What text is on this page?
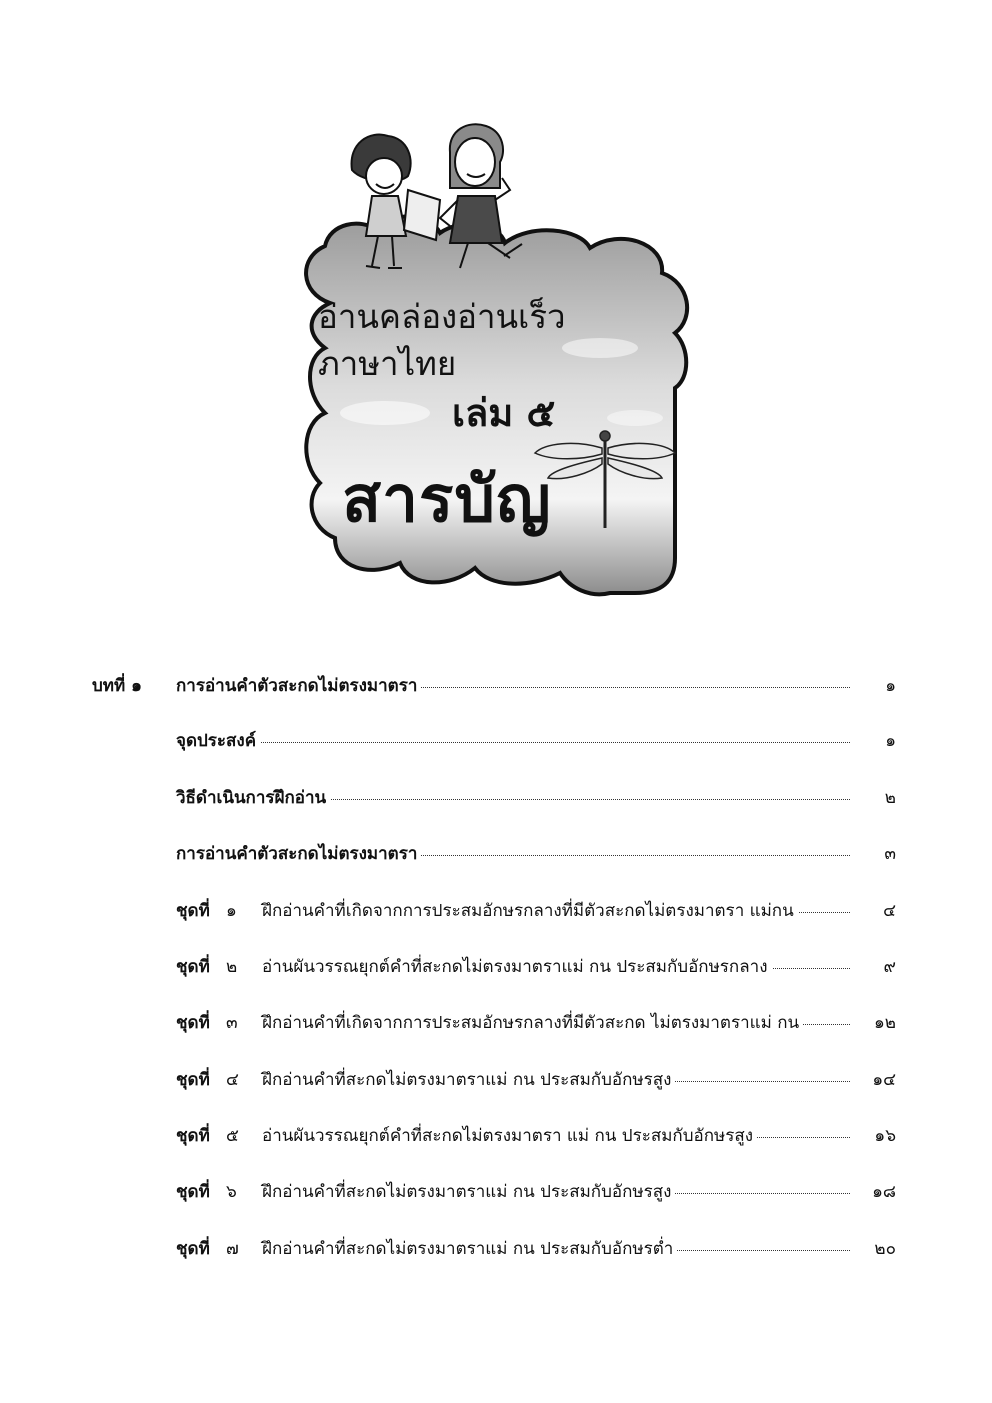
อ่านคล่องอ่านเร็ว
ภาษาไทย
เล่ม ๕
สารบัญ
บทที่ ๑ การอ่านคำตัวสะกดไม่ตรงมาตรา	๑
จุดประสงค์	๑
วิธีดำเนินการฝึกอ่าน	๒
การอ่านคำตัวสะกดไม่ตรงมาตรา	๓
ชุดที่ ๑ ฝึกอ่านคำที่เกิดจากการประสมอักษรกลางที่มีตัวสะกดไม่ตรงมาตรา แม่กน	๔
ชุดที่ ๒ อ่านผันวรรณยุกต์คำที่สะกดไม่ตรงมาตราแม่ กน ประสมกับอักษรกลาง	๙
ชุดที่ ๓ ฝึกอ่านคำที่เกิดจากการประสมอักษรกลางที่มีตัวสะกด ไม่ตรงมาตราแม่ กน	๑๒
ชุดที่ ๔ ฝึกอ่านคำที่สะกดไม่ตรงมาตราแม่ กน ประสมกับอักษรสูง	๑๔
ชุดที่ ๕ อ่านผันวรรณยุกต์คำที่สะกดไม่ตรงมาตรา แม่ กน ประสมกับอักษรสูง	๑๖
ชุดที่ ๖ ฝึกอ่านคำที่สะกดไม่ตรงมาตราแม่ กน ประสมกับอักษรสูง	๑๘
ชุดที่ ๗ ฝึกอ่านคำที่สะกดไม่ตรงมาตราแม่ กน ประสมกับอักษรต่ำ	๒๐
